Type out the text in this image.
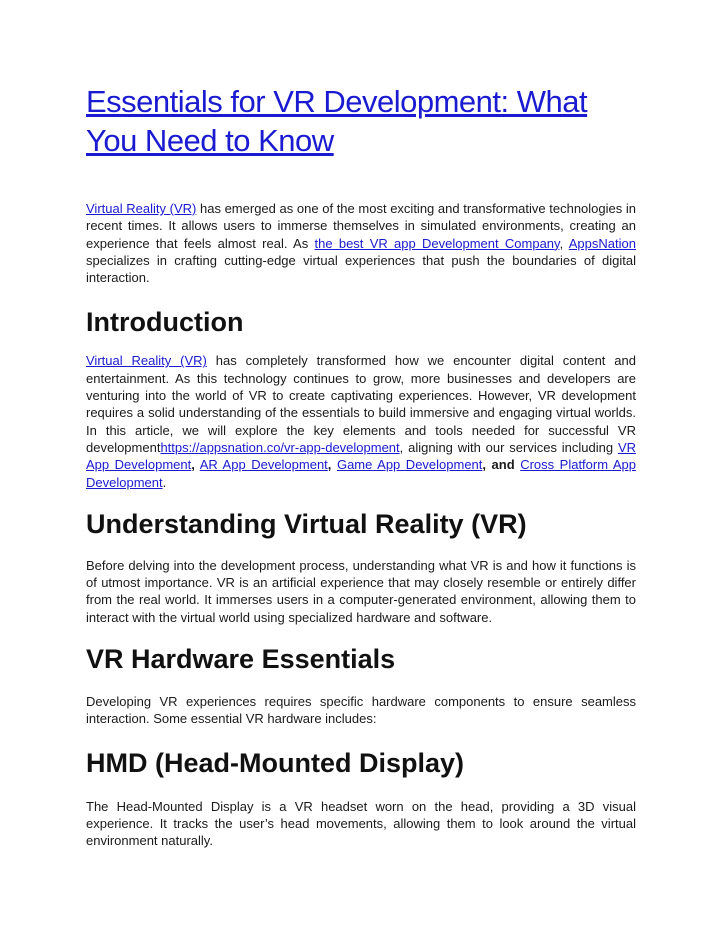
Essentials for VR Development: What
You Need to Know

Virtual Reality (VR) has emerged as one of the most exciting and transformative technologies in recent times. It allows users to immerse themselves in simulated environments, creating an experience that feels almost real. As the best VR app Development Company, AppsNation specializes in crafting cutting-edge virtual experiences that push the boundaries of digital interaction.

Introduction

Virtual Reality (VR) has completely transformed how we encounter digital content and entertainment. As this technology continues to grow, more businesses and developers are venturing into the world of VR to create captivating experiences. However, VR development requires a solid understanding of the essentials to build immersive and engaging virtual worlds. In this article, we will explore the key elements and tools needed for successful VR developmenthttps://appsnation.co/vr-app-development, aligning with our services including VR App Development, AR App Development, Game App Development, and Cross Platform App Development.

Understanding Virtual Reality (VR)

Before delving into the development process, understanding what VR is and how it functions is of utmost importance. VR is an artificial experience that may closely resemble or entirely differ from the real world. It immerses users in a computer-generated environment, allowing them to interact with the virtual world using specialized hardware and software.

VR Hardware Essentials

Developing VR experiences requires specific hardware components to ensure seamless interaction. Some essential VR hardware includes:

HMD (Head-Mounted Display)

The Head-Mounted Display is a VR headset worn on the head, providing a 3D visual experience. It tracks the user’s head movements, allowing them to look around the virtual environment naturally.
